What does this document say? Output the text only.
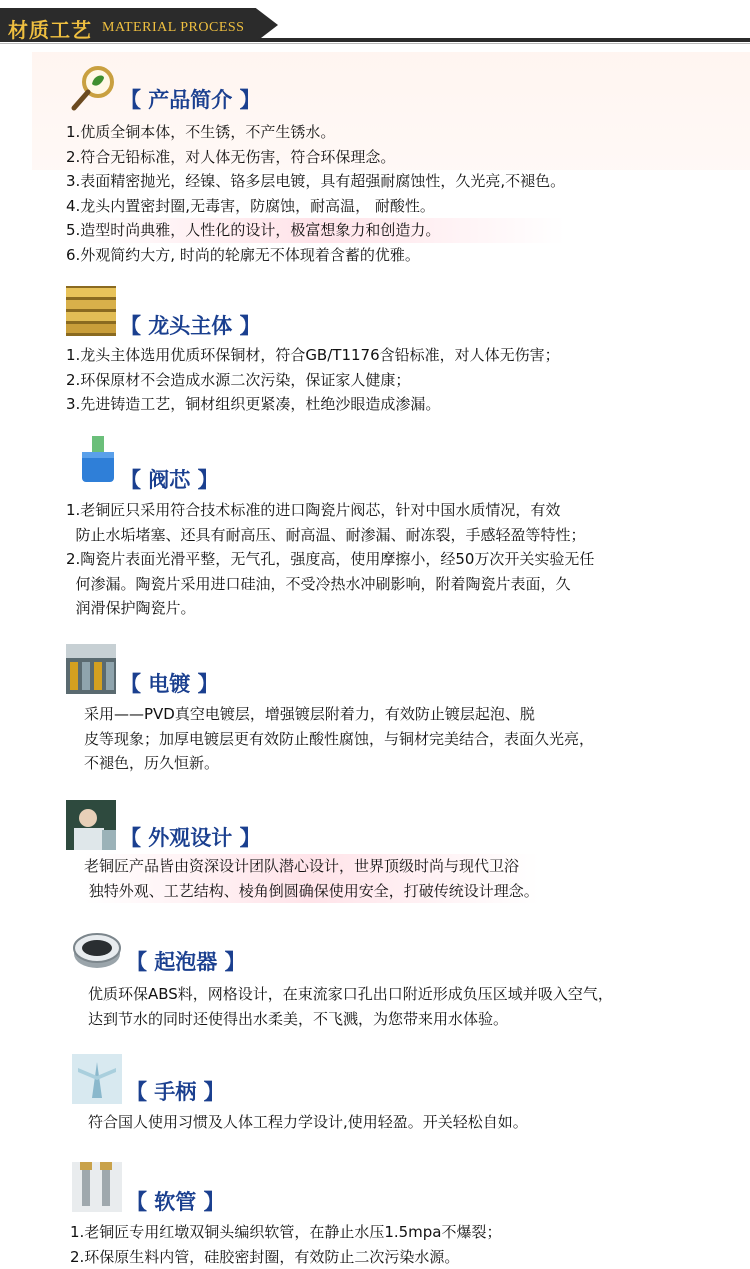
材质工艺 MATERIAL PROCESS
【 产品简介 】
1.优质全铜本体，不生锈，不产生锈水。
2.符合无铅标准，对人体无伤害，符合环保理念。
3.表面精密抛光，经镍、铬多层电镀，具有超强耐腐蚀性，久光亮,不褪色。
4.龙头内置密封圈,无毒害，防腐蚀，耐高温， 耐酸性。
5.造型时尚典雅，人性化的设计，极富想象力和创造力。
6.外观简约大方, 时尚的轮廓无不体现着含蓄的优雅。
【 龙头主体 】
1.龙头主体选用优质环保铜材，符合GB/T1176含铅标准，对人体无伤害；
2.环保原材不会造成水源二次污染，保证家人健康；
3.先进铸造工艺，铜材组织更紧凑，杜绝沙眼造成渗漏。
【 阀芯 】
1.老铜匠只采用符合技术标准的进口陶瓷片阀芯，针对中国水质情况，有效
防止水垢堵塞、还具有耐高压、耐高温、耐渗漏、耐冻裂，手感轻盈等特性；
2.陶瓷片表面光滑平整，无气孔，强度高，使用摩擦小，经50万次开关实验无任
何渗漏。陶瓷片采用进口硅油，不受冷热水冲刷影响，附着陶瓷片表面，久
润滑保护陶瓷片。
【 电镀 】
采用——PVD真空电镀层，增强镀层附着力，有效防止镀层起泡、脱
皮等现象；加厚电镀层更有效防止酸性腐蚀，与铜材完美结合，表面久光亮，
不褪色，历久恒新。
【 外观设计 】
老铜匠产品皆由资深设计团队潜心设计，世界顶级时尚与现代卫浴
独特外观、工艺结构、棱角倒圆确保使用安全，打破传统设计理念。
【 起泡器 】
优质环保ABS料，网格设计，在束流家口孔出口附近形成负压区域并吸入空气，
达到节水的同时还使得出水柔美，不飞溅，为您带来用水体验。
【 手柄 】
符合国人使用习惯及人体工程力学设计,使用轻盈。开关轻松自如。
【 软管 】
1.老铜匠专用红墩双铜头编织软管，在静止水压1.5mpa不爆裂；
2.环保原生料内管，硅胶密封圈，有效防止二次污染水源。
